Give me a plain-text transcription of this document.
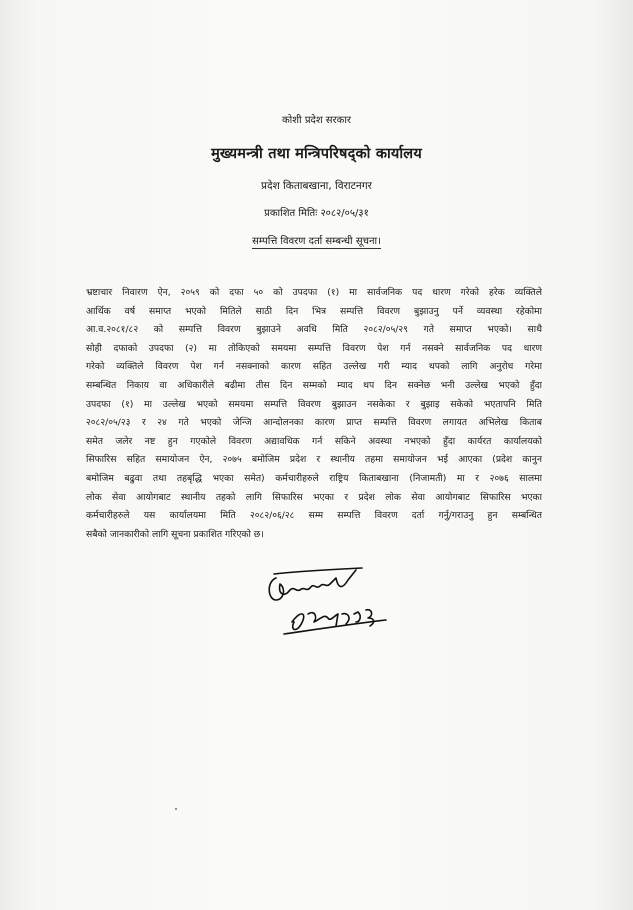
कोशी प्रदेश सरकार
मुख्यमन्त्री तथा मन्त्रिपरिषद्को कार्यालय
प्रदेश किताबखाना, विराटनगर
प्रकाशित मितिः २०८२/०५/३१
सम्पत्ति विवरण दर्ता सम्बन्धी सूचना।
भ्रष्टाचार निवारण ऐन, २०५९ को दफा ५० को उपदफा (१) मा सार्वजनिक पद धारण गरेको हरेक व्यक्तिले
आर्थिक वर्ष समाप्त भएको मितिले साठी दिन भित्र सम्पत्ति विवरण बुझाउनु पर्ने व्यवस्था रहेकोमा
आ.व.२०८१/८२ को सम्पत्ति विवरण बुझाउने अवधि मिति २०८२/०५/२९ गते समाप्त भएको। साथै
सोही दफाको उपदफा (२) मा तोकिएको समयमा सम्पत्ति विवरण पेश गर्न नसक्ने सार्वजनिक पद धारण
गरेको व्यक्तिले विवरण पेश गर्न नसक्नाको कारण सहित उल्लेख गरी म्याद थपको लागि अनुरोध गरेमा
सम्बन्धित निकाय वा अधिकारीले बढीमा तीस दिन सम्मको म्याद थप दिन सक्नेछ भनी उल्लेख भएको हुँदा
उपदफा (१) मा उल्लेख भएको समयमा सम्पत्ति विवरण बुझाउन नसकेका र बुझाइ सकेको भएतापनि मिति
२०८२/०५/२३ र २४ गते भएको जेन्जि आन्दोलनका कारण प्राप्त सम्पत्ति विवरण लगायत अभिलेख किताब
समेत जलेर नष्ट हुन गएकोले विवरण अद्यावधिक गर्न सकिने अवस्था नभएको हुँदा कार्यरत कार्यालयको
सिफारिस सहित समायोजन ऐन, २०७५ बमोजिम प्रदेश र स्थानीय तहमा समायोजन भई आएका (प्रदेश कानुन
बमोजिम बढुवा तथा तहबृद्धि भएका समेत) कर्मचारीहरुले राष्ट्रिय किताबखाना (निजामती) मा र २०७६ सालमा
लोक सेवा आयोगबाट स्थानीय तहको लागि सिफारिस भएका र प्रदेश लोक सेवा आयोगबाट सिफारिस भएका
कर्मचारीहरुले यस कार्यालयमा मिति २०८२/०६/२८ सम्म सम्पत्ति विवरण दर्ता गर्नु/गराउनु हुन सम्बन्धित
सबैको जानकारीको लागि सूचना प्रकाशित गरिएको छ।
